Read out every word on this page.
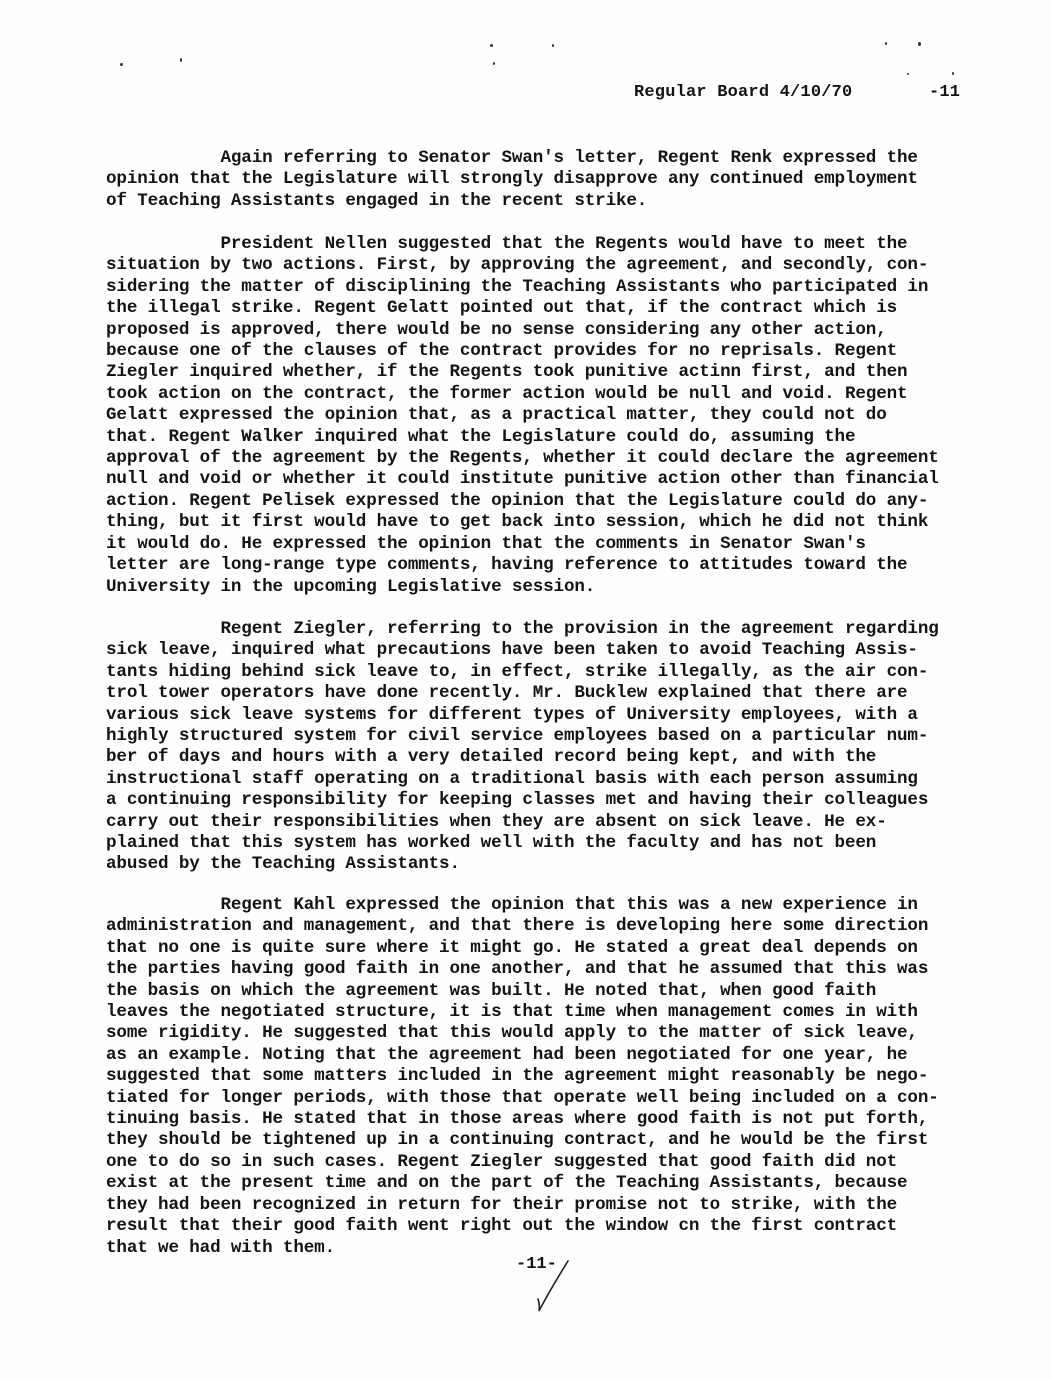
Regular Board 4/10/70	-11

Again referring to Senator Swan's letter, Regent Renk expressed the
opinion that the Legislature will strongly disapprove any continued employment
of Teaching Assistants engaged in the recent strike.

President Nellen suggested that the Regents would have to meet the
situation by two actions. First, by approving the agreement, and secondly, con-
sidering the matter of disciplining the Teaching Assistants who participated in
the illegal strike. Regent Gelatt pointed out that, if the contract which is
proposed is approved, there would be no sense considering any other action,
because one of the clauses of the contract provides for no reprisals. Regent
Ziegler inquired whether, if the Regents took punitive actinn first, and then
took action on the contract, the former action would be null and void. Regent
Gelatt expressed the opinion that, as a practical matter, they could not do
that. Regent Walker inquired what the Legislature could do, assuming the
approval of the agreement by the Regents, whether it could declare the agreement
null and void or whether it could institute punitive action other than financial
action. Regent Pelisek expressed the opinion that the Legislature could do any-
thing, but it first would have to get back into session, which he did not think
it would do. He expressed the opinion that the comments in Senator Swan's
letter are long-range type comments, having reference to attitudes toward the
University in the upcoming Legislative session.

Regent Ziegler, referring to the provision in the agreement regarding
sick leave, inquired what precautions have been taken to avoid Teaching Assis-
tants hiding behind sick leave to, in effect, strike illegally, as the air con-
trol tower operators have done recently. Mr. Bucklew explained that there are
various sick leave systems for different types of University employees, with a
highly structured system for civil service employees based on a particular num-
ber of days and hours with a very detailed record being kept, and with the
instructional staff operating on a traditional basis with each person assuming
a continuing responsibility for keeping classes met and having their colleagues
carry out their responsibilities when they are absent on sick leave. He ex-
plained that this system has worked well with the faculty and has not been
abused by the Teaching Assistants.

Regent Kahl expressed the opinion that this was a new experience in
administration and management, and that there is developing here some direction
that no one is quite sure where it might go. He stated a great deal depends on
the parties having good faith in one another, and that he assumed that this was
the basis on which the agreement was built. He noted that, when good faith
leaves the negotiated structure, it is that time when management comes in with
some rigidity. He suggested that this would apply to the matter of sick leave,
as an example. Noting that the agreement had been negotiated for one year, he
suggested that some matters included in the agreement might reasonably be nego-
tiated for longer periods, with those that operate well being included on a con-
tinuing basis. He stated that in those areas where good faith is not put forth,
they should be tightened up in a continuing contract, and he would be the first
one to do so in such cases. Regent Ziegler suggested that good faith did not
exist at the present time and on the part of the Teaching Assistants, because
they had been recognized in return for their promise not to strike, with the
result that their good faith went right out the window cn the first contract
that we had with them.

-11-
